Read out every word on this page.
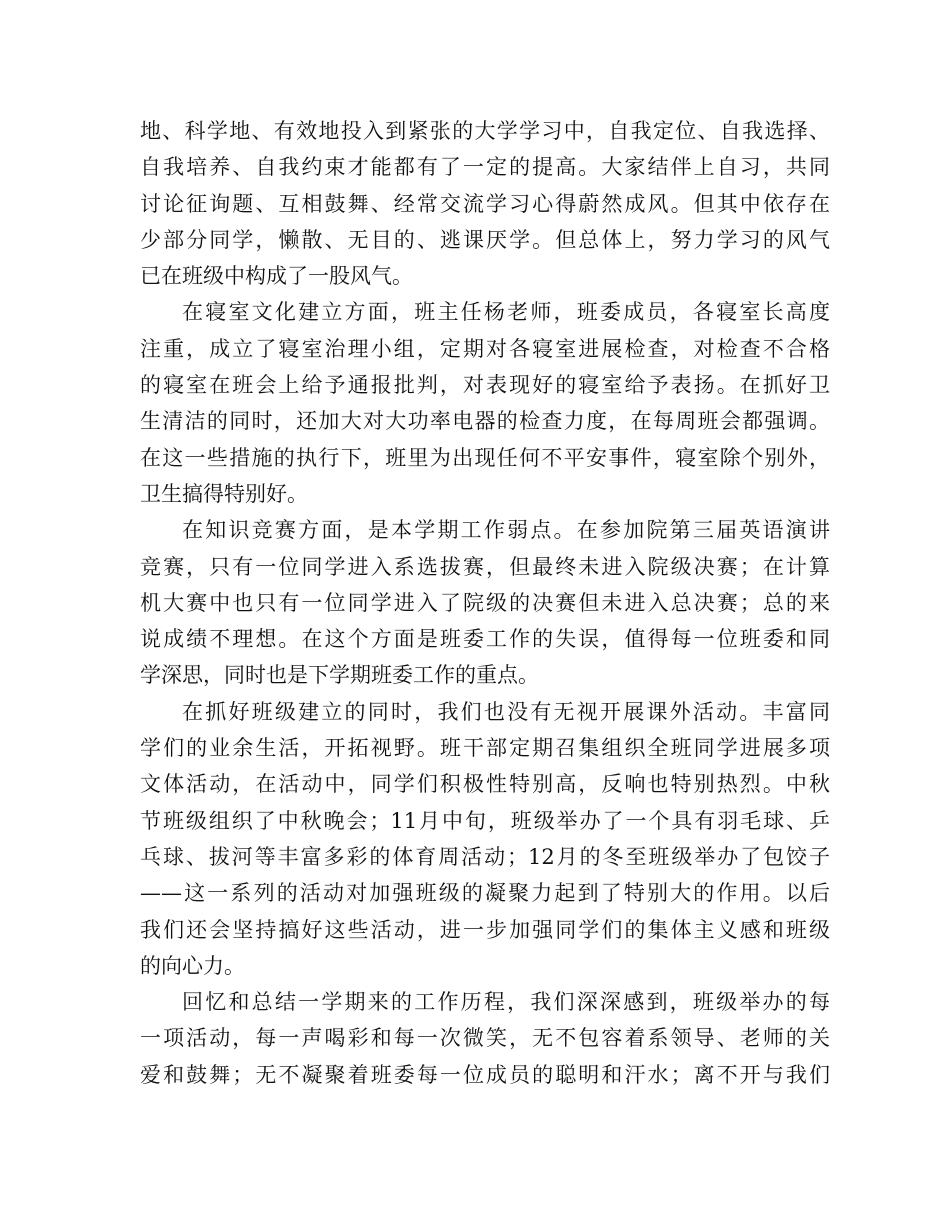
地、科学地、有效地投入到紧张的大学学习中，自我定位、自我选择、
自我培养、自我约束才能都有了一定的提高。大家结伴上自习，共同
讨论征询题、互相鼓舞、经常交流学习心得蔚然成风。但其中依存在
少部分同学，懒散、无目的、逃课厌学。但总体上，努力学习的风气
已在班级中构成了一股风气。
在寝室文化建立方面，班主任杨老师，班委成员，各寝室长高度
注重，成立了寝室治理小组，定期对各寝室进展检查，对检查不合格
的寝室在班会上给予通报批判，对表现好的寝室给予表扬。在抓好卫
生清洁的同时，还加大对大功率电器的检查力度，在每周班会都强调。
在这一些措施的执行下，班里为出现任何不平安事件，寝室除个别外，
卫生搞得特别好。
在知识竞赛方面，是本学期工作弱点。在参加院第三届英语演讲
竞赛，只有一位同学进入系选拔赛，但最终未进入院级决赛；在计算
机大赛中也只有一位同学进入了院级的决赛但未进入总决赛；总的来
说成绩不理想。在这个方面是班委工作的失误，值得每一位班委和同
学深思，同时也是下学期班委工作的重点。
在抓好班级建立的同时，我们也没有无视开展课外活动。丰富同
学们的业余生活，开拓视野。班干部定期召集组织全班同学进展多项
文体活动，在活动中，同学们积极性特别高，反响也特别热烈。中秋
节班级组织了中秋晚会；11月中旬，班级举办了一个具有羽毛球、乒
乓球、拔河等丰富多彩的体育周活动；12月的冬至班级举办了包饺子
——这一系列的活动对加强班级的凝聚力起到了特别大的作用。以后
我们还会坚持搞好这些活动，进一步加强同学们的集体主义感和班级
的向心力。
回忆和总结一学期来的工作历程，我们深深感到，班级举办的每
一项活动，每一声喝彩和每一次微笑，无不包容着系领导、老师的关
爱和鼓舞；无不凝聚着班委每一位成员的聪明和汗水；离不开与我们
